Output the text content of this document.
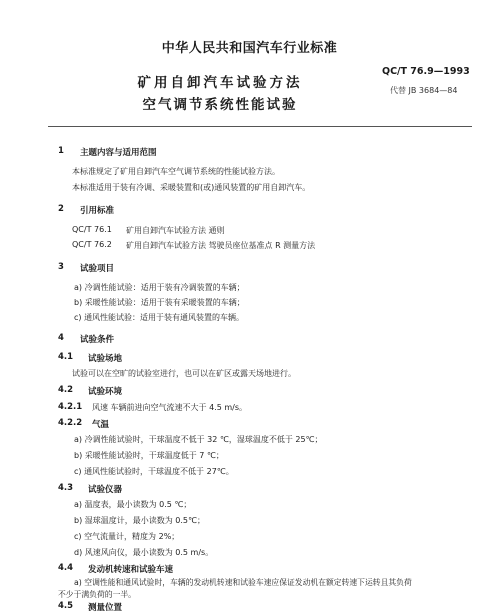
中华人民共和国汽车行业标准
矿用自卸汽车试验方法
空气调节系统性能试验
QC/T 76.9—1993
代替 JB 3684—84
1 主题内容与适用范围
本标准规定了矿用自卸汽车空气调节系统的性能试验方法。
本标准适用于装有冷调、采暖装置和(或)通风装置的矿用自卸汽车。
2 引用标准
QC/T 76.1 矿用自卸汽车试验方法 通则
QC/T 76.2 矿用自卸汽车试验方法 驾驶员座位基准点 R 测量方法
3 试验项目
a) 冷调性能试验：适用于装有冷调装置的车辆；
b) 采暖性能试验：适用于装有采暖装置的车辆；
c) 通风性能试验：适用于装有通风装置的车辆。
4 试验条件
4.1 试验场地
试验可以在空旷的试验室进行，也可以在矿区或露天场地进行。
4.2 试验环境
4.2.1 风速 车辆前进向空气流速不大于 4.5 m/s。
4.2.2 气温
a) 冷调性能试验时，干球温度不低于 32 ℃，湿球温度不低于 25℃；
b) 采暖性能试验时，干球温度低于 7 ℃；
c) 通风性能试验时，干球温度不低于 27℃。
4.3 试验仪器
a) 温度表，最小读数为 0.5 ℃；
b) 湿球温度计，最小读数为 0.5℃；
c) 空气流量计，精度为 2%；
d) 风速风向仪，最小读数为 0.5 m/s。
4.4 发动机转速和试验车速
a) 空调性能和通风试验时，车辆的发动机转速和试验车速应保证发动机在额定转速下运转且其负荷
不少于满负荷的一半。
4.5 测量位置
